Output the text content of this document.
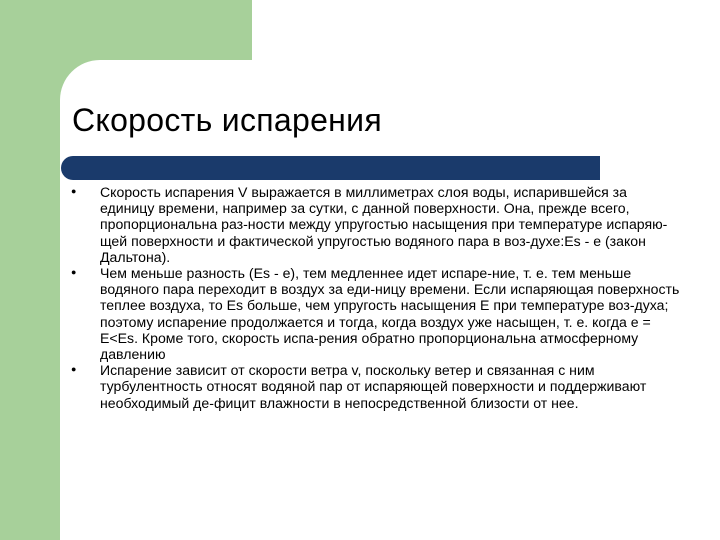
Скорость испарения
● Скорость испарения V выражается в миллиметрах слоя воды, испарившейся за единицу времени, например за сутки, с данной поверхности. Она, прежде всего, пропорциональна раз-ности между упругостью насыщения при температуре испаряю-щей поверхности и фактической упругостью водяного пара в воз-духе:Es - e (закон Дальтона).
● Чем меньше разность (Es - e), тем медленнее идет испаре-ние, т. е. тем меньше водяного пара переходит в воздух за еди-ницу времени. Если испаряющая поверхность теплее воздуха, то Es больше, чем упругость насыщения E при температуре воз-духа; поэтому испарение продолжается и тогда, когда воздух уже насыщен, т. е. когда e = E<Es. Кроме того, скорость испа-рения обратно пропорциональна атмосферному давлению
● Испарение зависит от скорости ветра v, поскольку ветер и связанная с ним турбулентность относят водяной пар от испаряющей поверхности и поддерживают необходимый де-фицит влажности в непосредственной близости от нее.
